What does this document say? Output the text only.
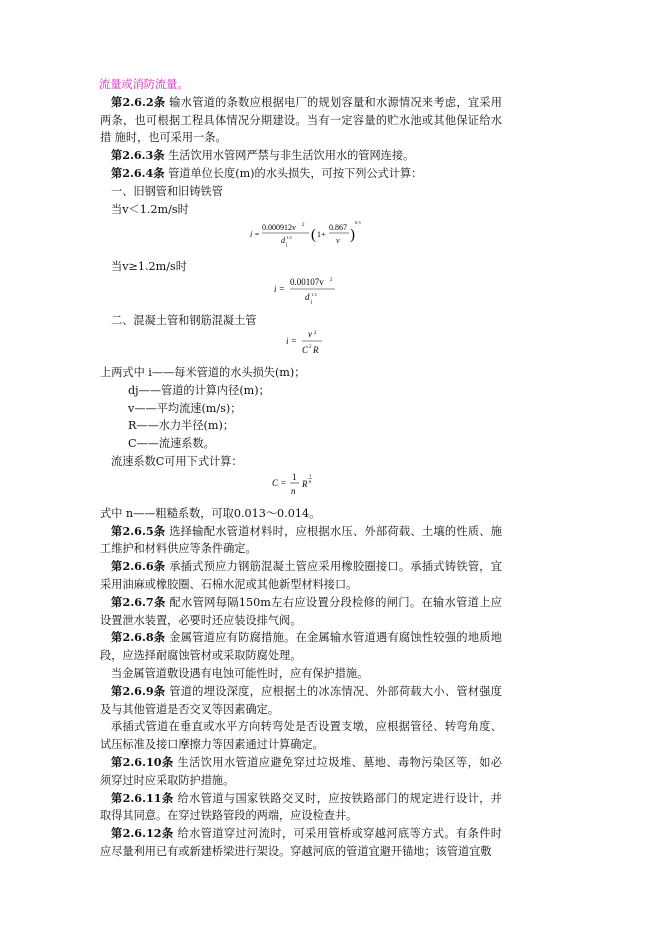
流量或消防流量。

第2.6.2条 输水管道的条数应根据电厂的规划容量和水源情况来考虑，宜采用两条，也可根据工程具体情况分期建设。当有一定容量的贮水池或其他保证给水措 施时，也可采用一条。

第2.6.3条 生活饮用水管网严禁与非生活饮用水的管网连接。

第2.6.4条 管道单位长度(m)的水头损失，可按下列公式计算：

一、旧钢管和旧铸铁管

当v＜1.2m/s时

i =
0.000912v 2
d
j
1.3 ( 1+
0.867
v )
0.3

当v≥1.2m/s时

i =
0.00107v 2
d
j
1.3

二、混凝土管和钢筋混凝土管

i =
v 2
C 2 R

上两式中 i——每米管道的水头损失(m)；

dj——管道的计算内径(m)；

v——平均流速(m/s)；

R——水力半径(m)；

C——流速系数。

流速系数C可用下式计算：

C =
1
n
R
1
6

式中 n——粗糙系数，可取0.013～0.014。

第2.6.5条 选择输配水管道材料时，应根据水压、外部荷载、土壤的性质、施 工维护和材料供应等条件确定。

第2.6.6条 承插式预应力钢筋混凝土管应采用橡胶圈接口。承插式铸铁管，宜采用油麻或橡胶圈、石棉水泥或其他新型材料接口。

第2.6.7条 配水管网每隔150m左右应设置分段检修的闸门。在输水管道上应设置泄水装置，必要时还应装设排气阀。

第2.6.8条 金属管道应有防腐措施。在金属输水管道遇有腐蚀性较强的地质地段，应选择耐腐蚀管材或采取防腐处理。

当金属管道敷设遇有电蚀可能性时，应有保护措施。

第2.6.9条 管道的埋设深度，应根据土的冰冻情况、外部荷载大小、管材强度 及与其他管道是否交叉等因素确定。

承插式管道在垂直或水平方向转弯处是否设置支墩，应根据管径、转弯角度、试压标准及接口摩擦力等因素通过计算确定。

第2.6.10条 生活饮用水管道应避免穿过垃圾堆、墓地、毒物污染区等，如必 须穿过时应采取防护措施。

第2.6.11条 给水管道与国家铁路交叉时，应按铁路部门的规定进行设计，并 取得其同意。在穿过铁路管段的两端，应设检查井。

第2.6.12条 给水管道穿过河流时，可采用管桥或穿越河底等方式。有条件时 应尽量利用已有或新建桥梁进行架设。穿越河底的管道宜避开锚地；该管道宜敷
